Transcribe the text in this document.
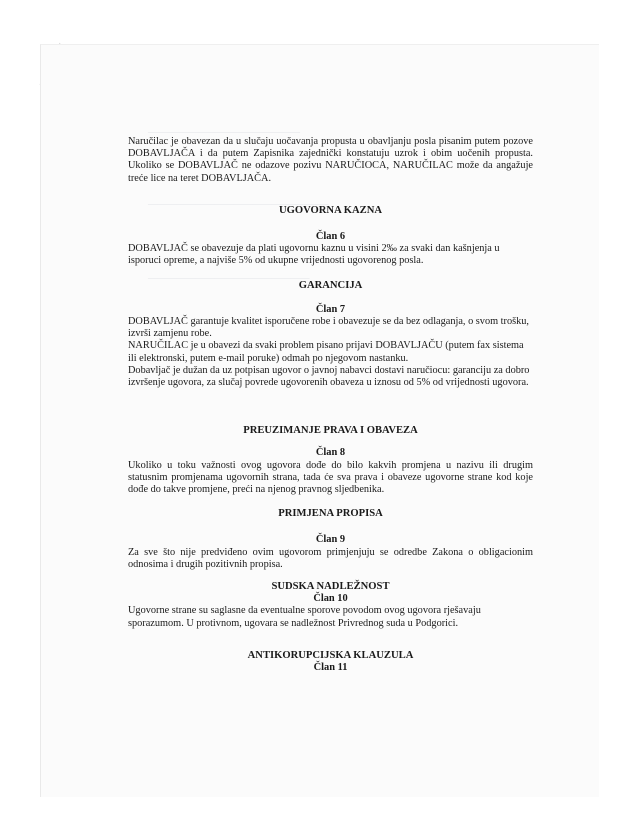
————————————————
———————————————————
—————————————————

Naručilac je obavezan da u slučaju uočavanja propusta u obavljanju posla pisanim putem pozove DOBAVLJAČA i da putem Zapisnika zajednički konstatuju uzrok i obim uočenih propusta. Ukoliko se DOBAVLJAČ ne odazove pozivu NARUČIOCA, NARUČILAC može da angažuje treće lice na teret DOBAVLJAČA.

UGOVORNA KAZNA

Član 6

DOBAVLJAČ se obavezuje da plati ugovornu kaznu u visini 2‰ za svaki dan kašnjenja u isporuci opreme, a najviše 5% od ukupne vrijednosti ugovorenog posla.

GARANCIJA

Član 7

DOBAVLJAČ garantuje kvalitet isporučene robe i obavezuje se da bez odlaganja, o svom trošku, izvrši zamjenu robe.

NARUČILAC je u obavezi da svaki problem pisano prijavi DOBAVLJAČU (putem fax sistema ili elektronski, putem e-mail poruke) odmah po njegovom nastanku.

Dobavljač je dužan da uz potpisan ugovor o javnoj nabavci dostavi naručiocu: garanciju za dobro izvršenje ugovora, za slučaj povrede ugovorenih obaveza u iznosu od 5% od vrijednosti ugovora.

PREUZIMANJE PRAVA I OBAVEZA

Član 8

Ukoliko u toku važnosti ovog ugovora dođe do bilo kakvih promjena u nazivu ili drugim statusnim promjenama ugovornih strana, tada će sva prava i obaveze ugovorne strane kod koje dođe do takve promjene, preći na njenog pravnog sljedbenika.

PRIMJENA PROPISA

Član 9

Za sve što nije predviđeno ovim ugovorom primjenjuju se odredbe Zakona o obligacionim odnosima i drugih pozitivnih propisa.

SUDSKA NADLEŽNOST

Član 10

Ugovorne strane su saglasne da eventualne sporove povodom ovog ugovora rješavaju sporazumom. U protivnom, ugovara se nadležnost Privrednog suda u Podgorici.

ANTIKORUPCIJSKA KLAUZULA

Član 11
